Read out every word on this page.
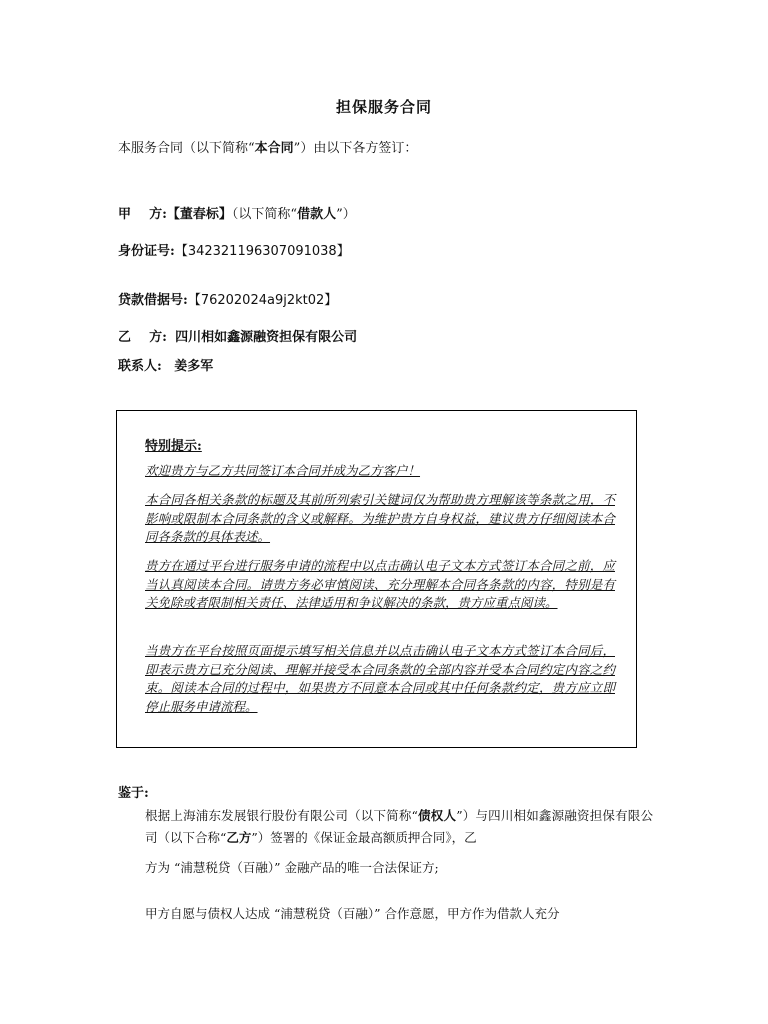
担保服务合同
本服务合同（以下简称“本合同”）由以下各方签订：
甲    方:【董春标】（以下简称“借款人”）
身份证号:【342321196307091038】
贷款借据号:【76202024a9j2kt02】
乙    方: 四川相如鑫源融资担保有限公司
联系人: 姜多军
特别提示:
欢迎贵方与乙方共同签订本合同并成为乙方客户！
本合同各相关条款的标题及其前所列索引关键词仅为帮助贵方理解该等条款之用，不影响或限制本合同条款的含义或解释。为维护贵方自身权益，建议贵方仔细阅读本合同各条款的具体表述。
贵方在通过平台进行服务申请的流程中以点击确认电子文本方式签订本合同之前，应当认真阅读本合同。请贵方务必审慎阅读、充分理解本合同各条款的内容，特别是有关免除或者限制相关责任、法律适用和争议解决的条款，贵方应重点阅读。
当贵方在平台按照页面提示填写相关信息并以点击确认电子文本方式签订本合同后，即表示贵方已充分阅读、理解并接受本合同条款的全部内容并受本合同约定内容之约束。阅读本合同的过程中，如果贵方不同意本合同或其中任何条款约定，贵方应立即停止服务申请流程。
鉴于:
根据上海浦东发展银行股份有限公司（以下简称“债权人”）与四川相如鑫源融资担保有限公司（以下合称“乙方”）签署的《保证金最高额质押合同》，乙
方为 “浦慧税贷（百融）” 金融产品的唯一合法保证方;
甲方自愿与债权人达成 “浦慧税贷（百融）” 合作意愿，甲方作为借款人充分
